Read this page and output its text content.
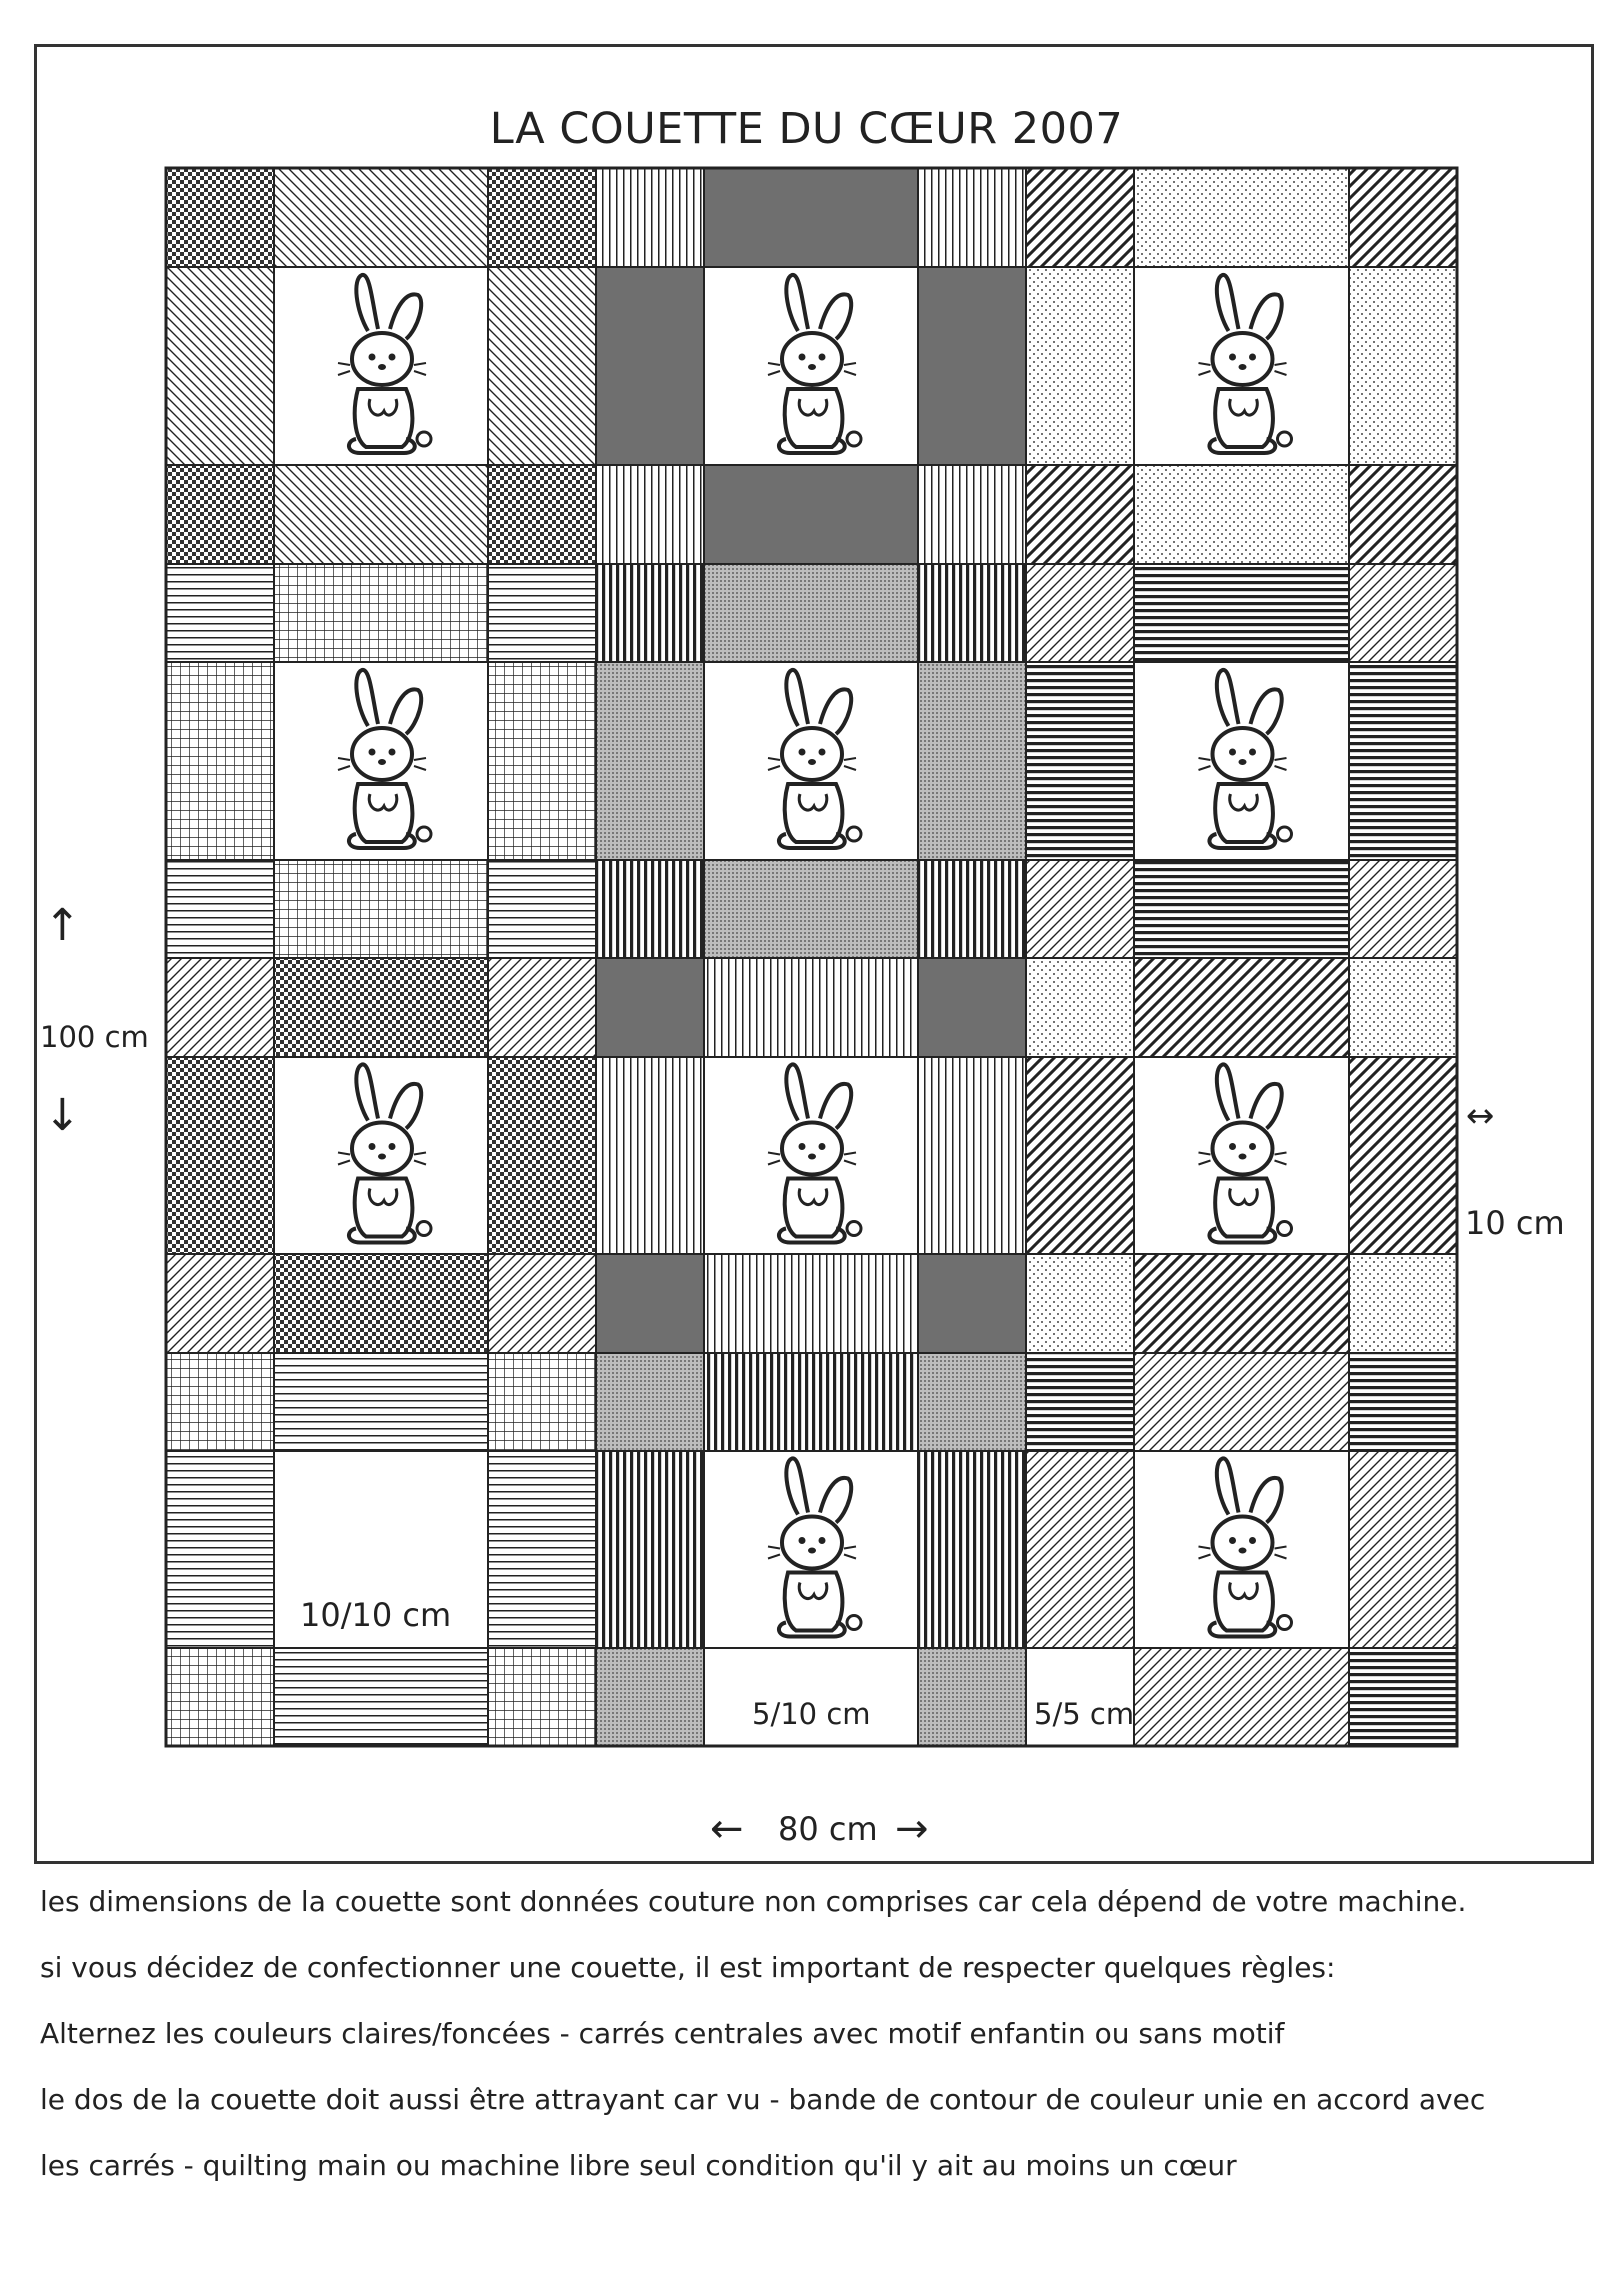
LA COUETTE DU CŒUR 2007
↑
100 cm
↓	↔
10 cm
10/10 cm
5/10 cm	5/5 cm
← 80 cm →
les dimensions de la couette sont données couture non comprises car cela dépend de votre machine.
si vous décidez de confectionner une couette, il est important de respecter quelques règles:
Alternez les couleurs claires/foncées - carrés centrales avec motif enfantin ou sans motif
le dos de la couette doit aussi être attrayant car vu - bande de contour de couleur unie en accord avec
les carrés - quilting main ou machine libre seul condition qu'il y ait au moins un cœur
